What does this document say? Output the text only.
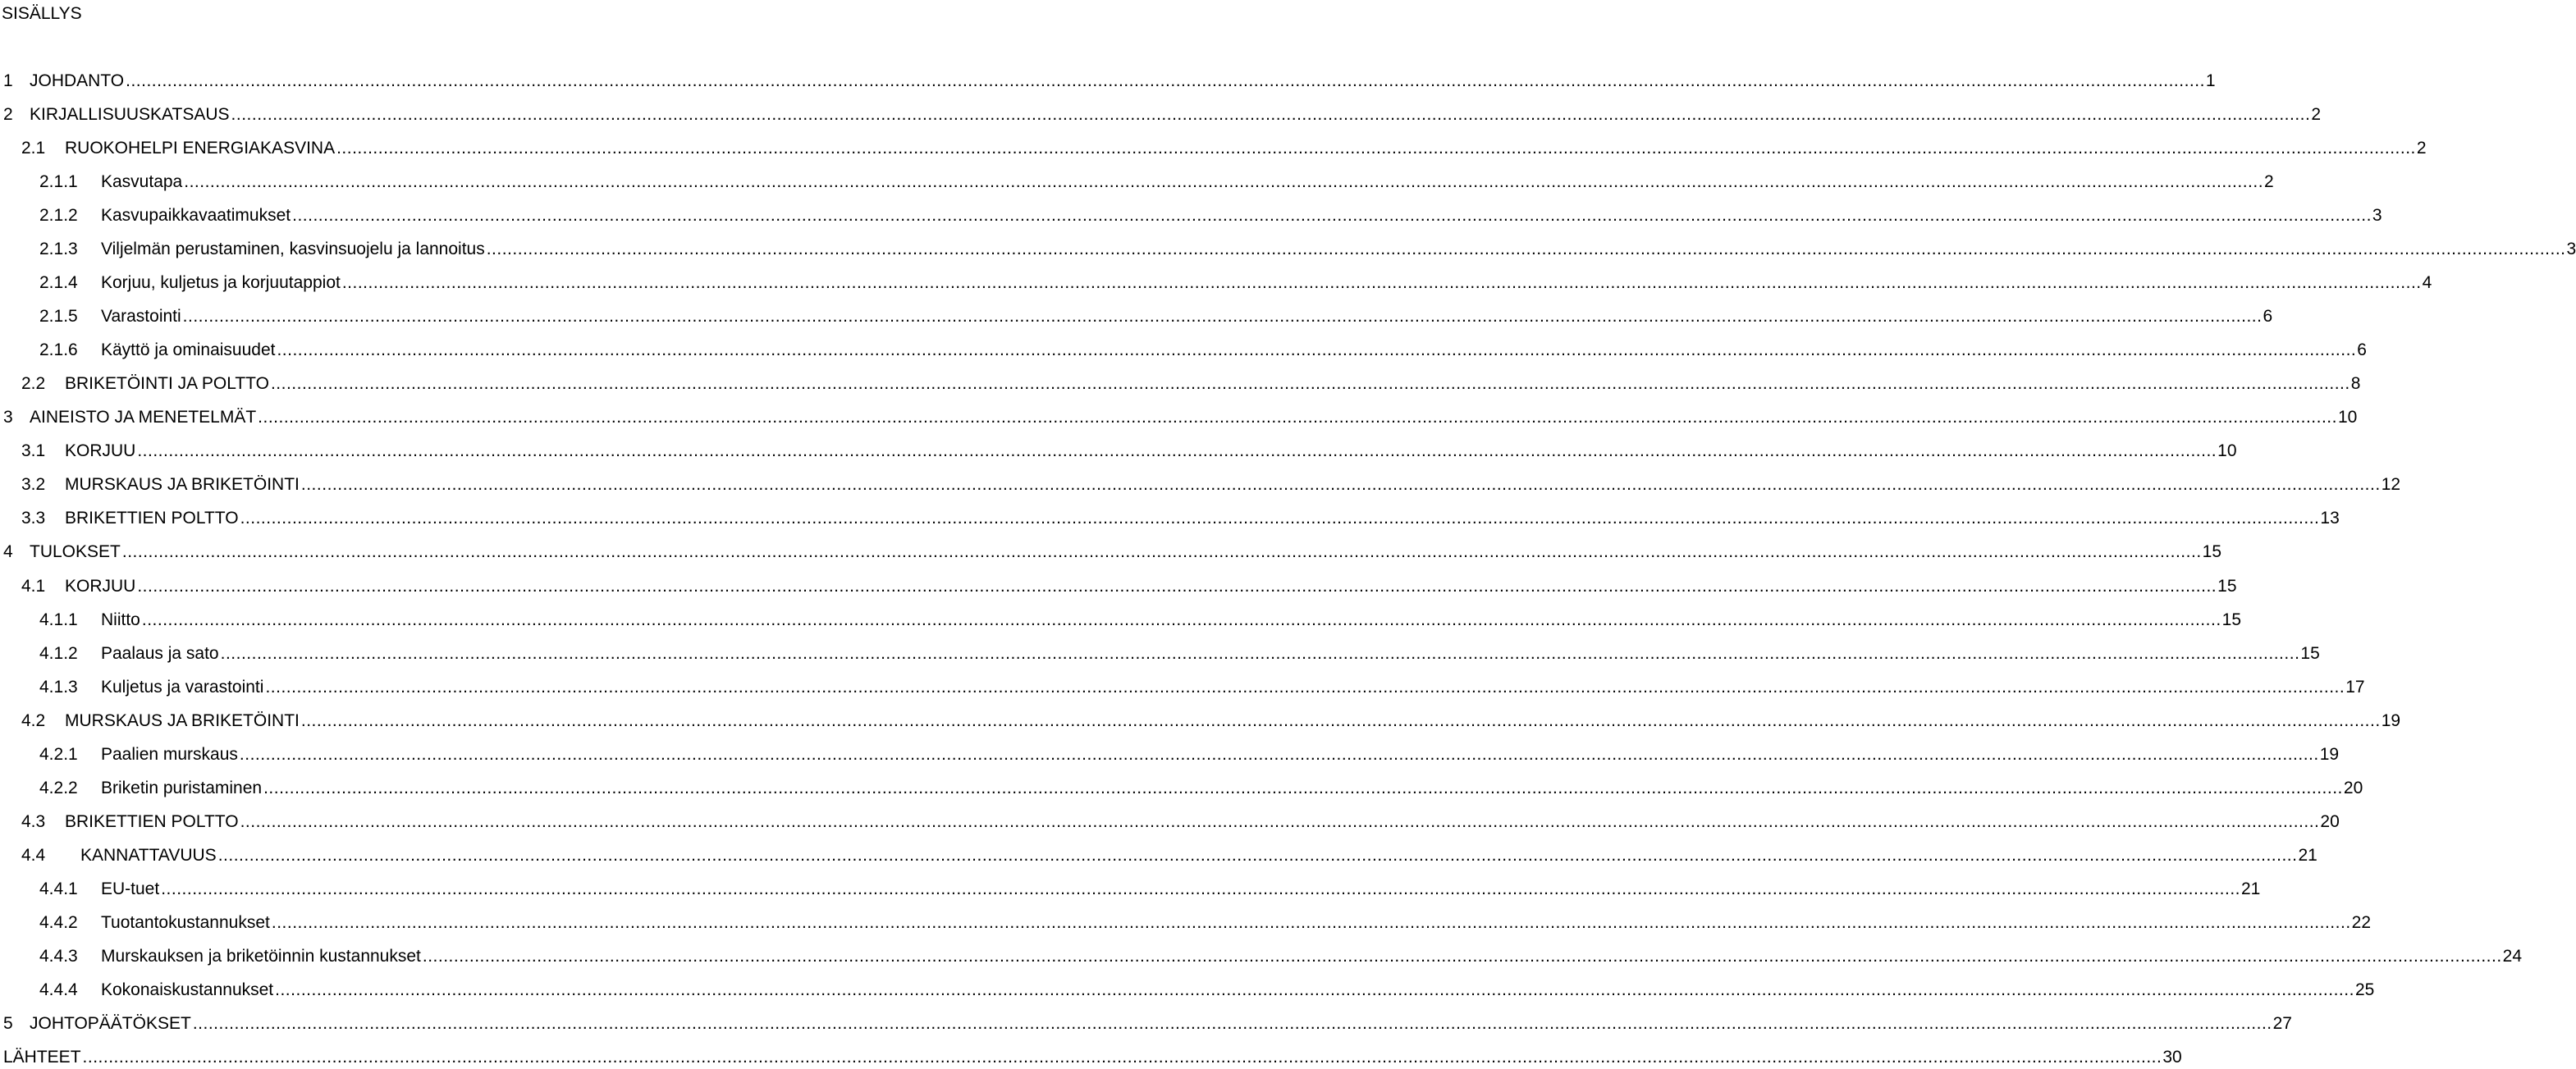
SISÄLLYS
1 JOHDANTO ................................................................................................................................................................................................................................................................................................................................................................................................................ 1
2 KIRJALLISUUSKATSAUS ................................................................................................................................................................................................................................................................................................................................................................................................................ 2
2.1	RUOKOHELPI ENERGIAKASVINA ................................................................................................................................................................................................................................................................................................................................................................................................................ 2
2.1.1	Kasvutapa ................................................................................................................................................................................................................................................................................................................................................................................................................ 2
2.1.2	Kasvupaikkavaatimukset ................................................................................................................................................................................................................................................................................................................................................................................................................ 3
2.1.3	Viljelmän perustaminen, kasvinsuojelu ja lannoitus ................................................................................................................................................................................................................................................................................................................................................................................................................ 3
2.1.4	Korjuu, kuljetus ja korjuutappiot ................................................................................................................................................................................................................................................................................................................................................................................................................ 4
2.1.5	Varastointi ................................................................................................................................................................................................................................................................................................................................................................................................................ 6
2.1.6	Käyttö ja ominaisuudet ................................................................................................................................................................................................................................................................................................................................................................................................................ 6
2.2	BRIKETÖINTI JA POLTTO ................................................................................................................................................................................................................................................................................................................................................................................................................ 8
3 AINEISTO JA MENETELMÄT ................................................................................................................................................................................................................................................................................................................................................................................................................ 10
3.1	KORJUU ................................................................................................................................................................................................................................................................................................................................................................................................................ 10
3.2	MURSKAUS JA BRIKETÖINTI ................................................................................................................................................................................................................................................................................................................................................................................................................ 12
3.3	BRIKETTIEN POLTTO ................................................................................................................................................................................................................................................................................................................................................................................................................ 13
4 TULOKSET ................................................................................................................................................................................................................................................................................................................................................................................................................ 15
4.1	KORJUU ................................................................................................................................................................................................................................................................................................................................................................................................................ 15
4.1.1	Niitto ................................................................................................................................................................................................................................................................................................................................................................................................................ 15
4.1.2	Paalaus ja sato ................................................................................................................................................................................................................................................................................................................................................................................................................ 15
4.1.3	Kuljetus ja varastointi ................................................................................................................................................................................................................................................................................................................................................................................................................ 17
4.2	MURSKAUS JA BRIKETÖINTI ................................................................................................................................................................................................................................................................................................................................................................................................................ 19
4.2.1	Paalien murskaus ................................................................................................................................................................................................................................................................................................................................................................................................................ 19
4.2.2	Briketin puristaminen ................................................................................................................................................................................................................................................................................................................................................................................................................ 20
4.3	BRIKETTIEN POLTTO ................................................................................................................................................................................................................................................................................................................................................................................................................ 20
4.4	KANNATTAVUUS ................................................................................................................................................................................................................................................................................................................................................................................................................ 21
4.4.1	EU-tuet ................................................................................................................................................................................................................................................................................................................................................................................................................ 21
4.4.2	Tuotantokustannukset ................................................................................................................................................................................................................................................................................................................................................................................................................ 22
4.4.3	Murskauksen ja briketöinnin kustannukset ................................................................................................................................................................................................................................................................................................................................................................................................................ 24
4.4.4	Kokonaiskustannukset ................................................................................................................................................................................................................................................................................................................................................................................................................ 25
5 JOHTOPÄÄTÖKSET ................................................................................................................................................................................................................................................................................................................................................................................................................ 27
LÄHTEET ................................................................................................................................................................................................................................................................................................................................................................................................................ 30
